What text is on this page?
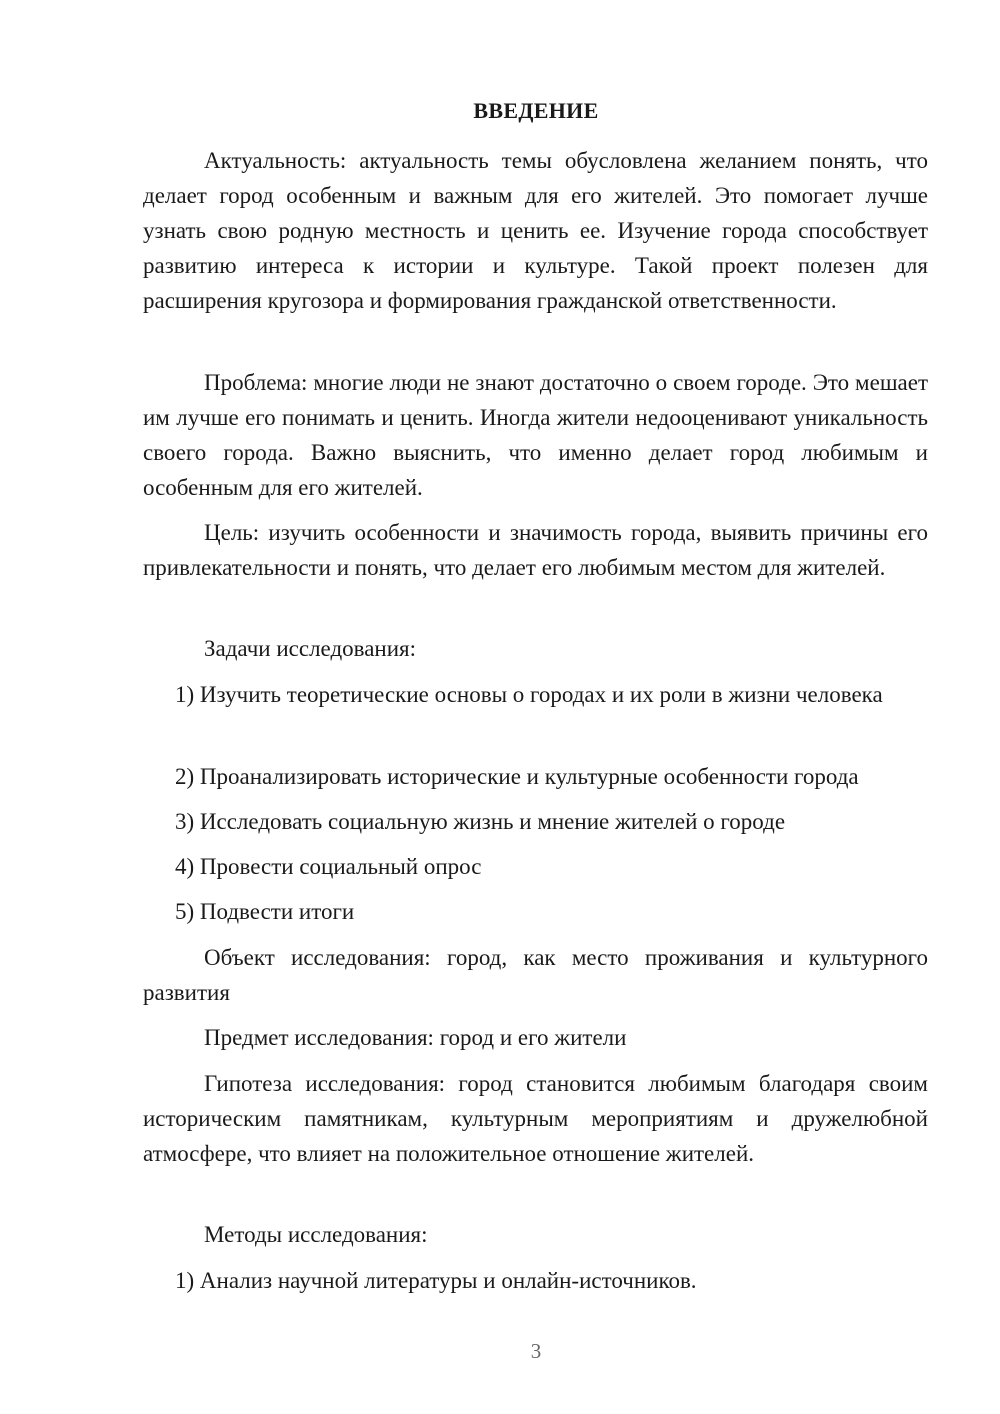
ВВЕДЕНИЕ

Актуальность: актуальность темы обусловлена желанием понять, что делает город особенным и важным для его жителей. Это помогает лучше узнать свою родную местность и ценить ее. Изучение города способствует развитию интереса к истории и культуре. Такой проект полезен для расширения кругозора и формирования гражданской ответственности.

Проблема: многие люди не знают достаточно о своем городе. Это мешает им лучше его понимать и ценить. Иногда жители недооценивают уникальность своего города. Важно выяснить, что именно делает город любимым и особенным для его жителей.

Цель: изучить особенности и значимость города, выявить причины его привлекательности и понять, что делает его любимым местом для жителей.

Задачи исследования:

1) Изучить теоретические основы о городах и их роли в жизни человека

2) Проанализировать исторические и культурные особенности города

3) Исследовать социальную жизнь и мнение жителей о городе

4) Провести социальный опрос

5) Подвести итоги

Объект исследования: город, как место проживания и культурного развития

Предмет исследования: город и его жители

Гипотеза исследования: город становится любимым благодаря своим историческим памятникам, культурным мероприятиям и дружелюбной атмосфере, что влияет на положительное отношение жителей.

Методы исследования:

1) Анализ научной литературы и онлайн-источников.

3
